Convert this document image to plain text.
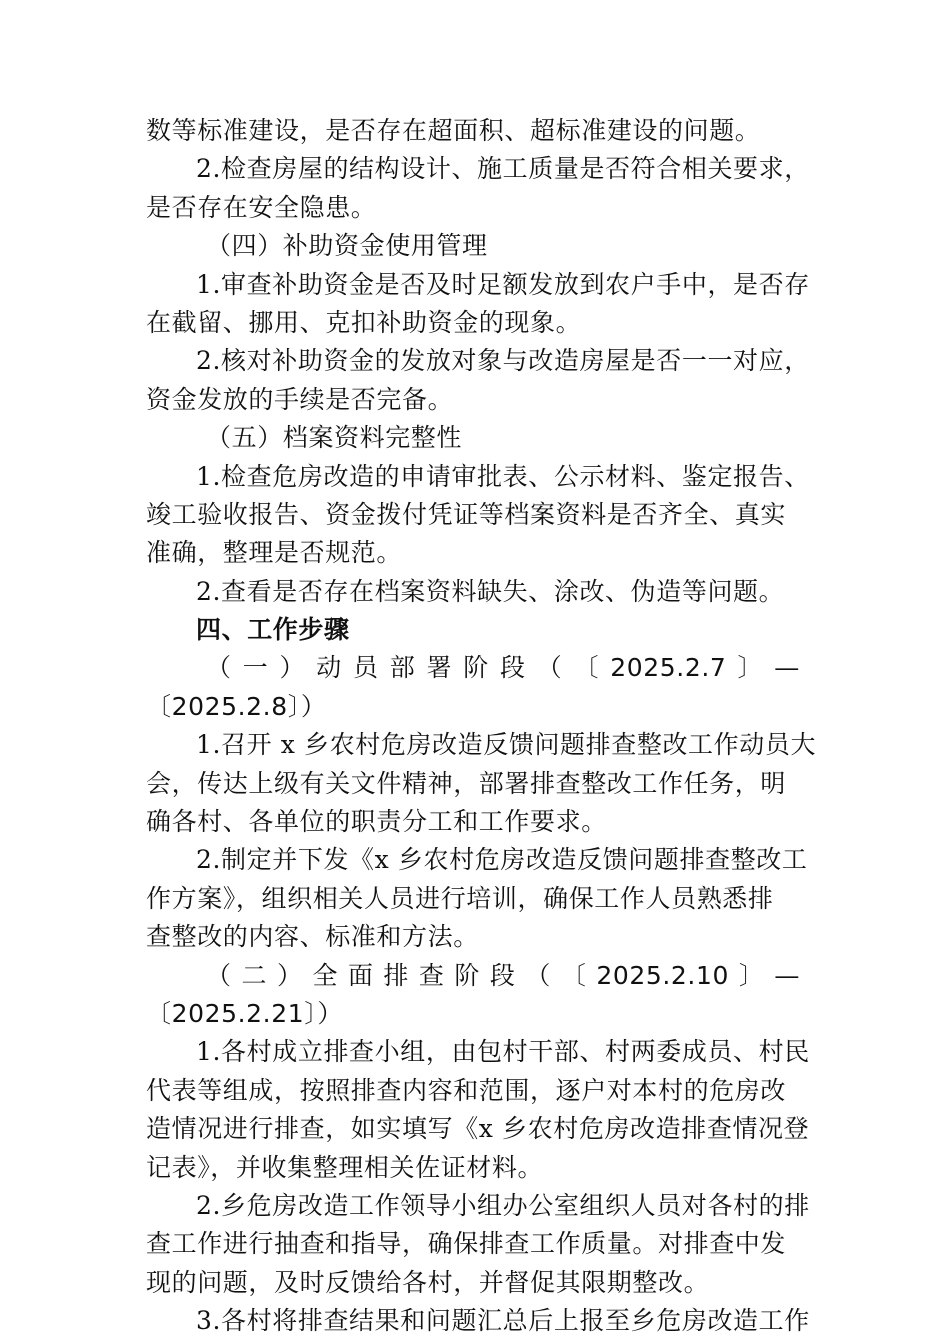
数等标准建设，是否存在超面积、超标准建设的问题。
2.检查房屋的结构设计、施工质量是否符合相关要求，
是否存在安全隐患。
（四）补助资金使用管理
1.审查补助资金是否及时足额发放到农户手中，是否存
在截留、挪用、克扣补助资金的现象。
2.核对补助资金的发放对象与改造房屋是否一一对应，
资金发放的手续是否完备。
（五）档案资料完整性
1.检查危房改造的申请审批表、公示材料、鉴定报告、
竣工验收报告、资金拨付凭证等档案资料是否齐全、真实
准确，整理是否规范。
2.查看是否存在档案资料缺失、涂改、伪造等问题。
四、工作步骤
（ 一 ） 动 员 部 署 阶 段 （ 〔 2025.2.7 〕 —
〔2025.2.8〕）
1.召开 x 乡农村危房改造反馈问题排查整改工作动员大
会，传达上级有关文件精神，部署排查整改工作任务，明
确各村、各单位的职责分工和工作要求。
2.制定并下发《x 乡农村危房改造反馈问题排查整改工
作方案》，组织相关人员进行培训，确保工作人员熟悉排
查整改的内容、标准和方法。
（ 二 ） 全 面 排 查 阶 段 （ 〔 2025.2.10 〕 —
〔2025.2.21〕）
1.各村成立排查小组，由包村干部、村两委成员、村民
代表等组成，按照排查内容和范围，逐户对本村的危房改
造情况进行排查，如实填写《x 乡农村危房改造排查情况登
记表》，并收集整理相关佐证材料。
2.乡危房改造工作领导小组办公室组织人员对各村的排
查工作进行抽查和指导，确保排查工作质量。对排查中发
现的问题，及时反馈给各村，并督促其限期整改。
3.各村将排查结果和问题汇总后上报至乡危房改造工作
